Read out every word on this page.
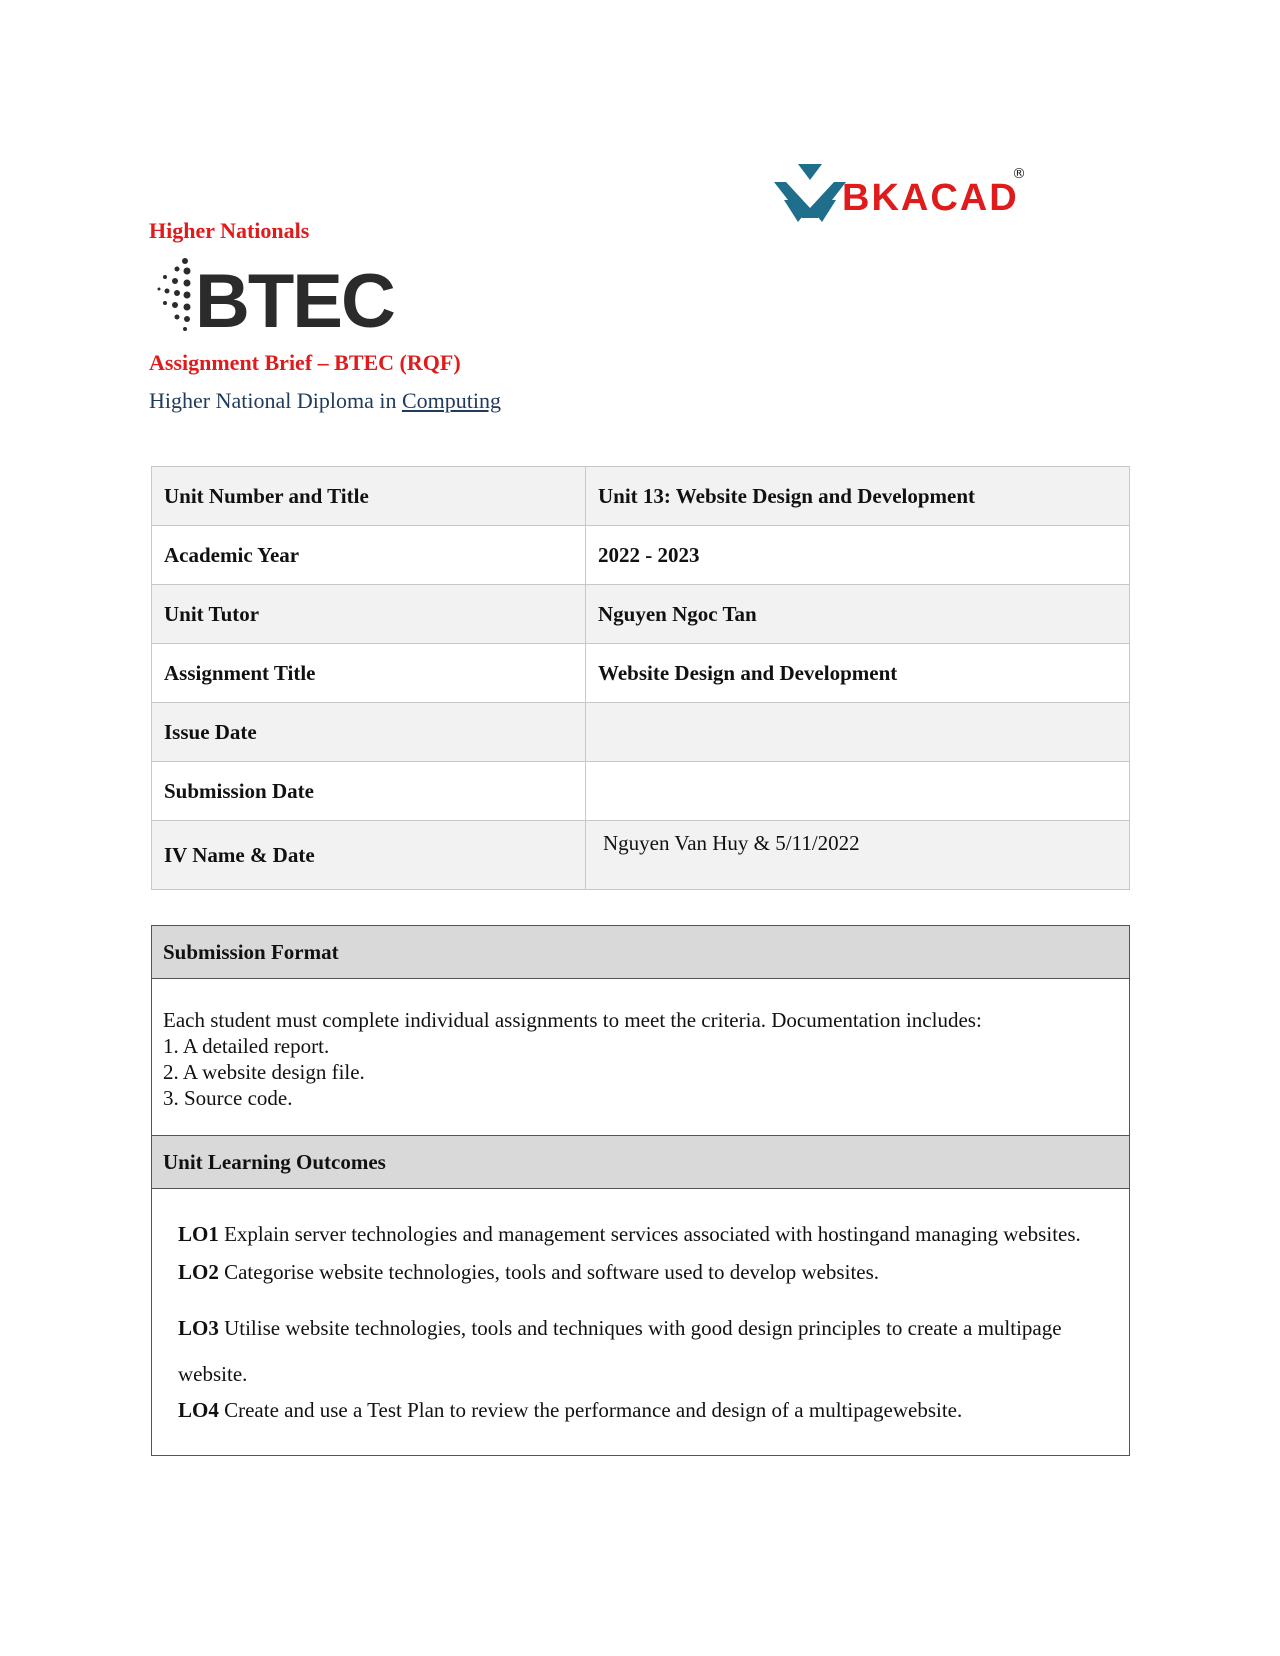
BKACAD
®
Higher Nationals
BTEC
Assignment Brief – BTEC (RQF)
Higher National Diploma in Computing
Unit Number and Title	Unit 13: Website Design and Development
Academic Year	2022 - 2023
Unit Tutor	Nguyen Ngoc Tan
Assignment Title	Website Design and Development
Issue Date	
Submission Date	
IV Name & Date	Nguyen Van Huy & 5/11/2022
Submission Format
Each student must complete individual assignments to meet the criteria. Documentation includes:
1. A detailed report.
2. A website design file.
3. Source code.
Unit Learning Outcomes
LO1 Explain server technologies and management services associated with hostingand managing websites.
LO2 Categorise website technologies, tools and software used to develop websites.
LO3 Utilise website technologies, tools and techniques with good design principles to create a multipage website.
LO4 Create and use a Test Plan to review the performance and design of a multipagewebsite.
